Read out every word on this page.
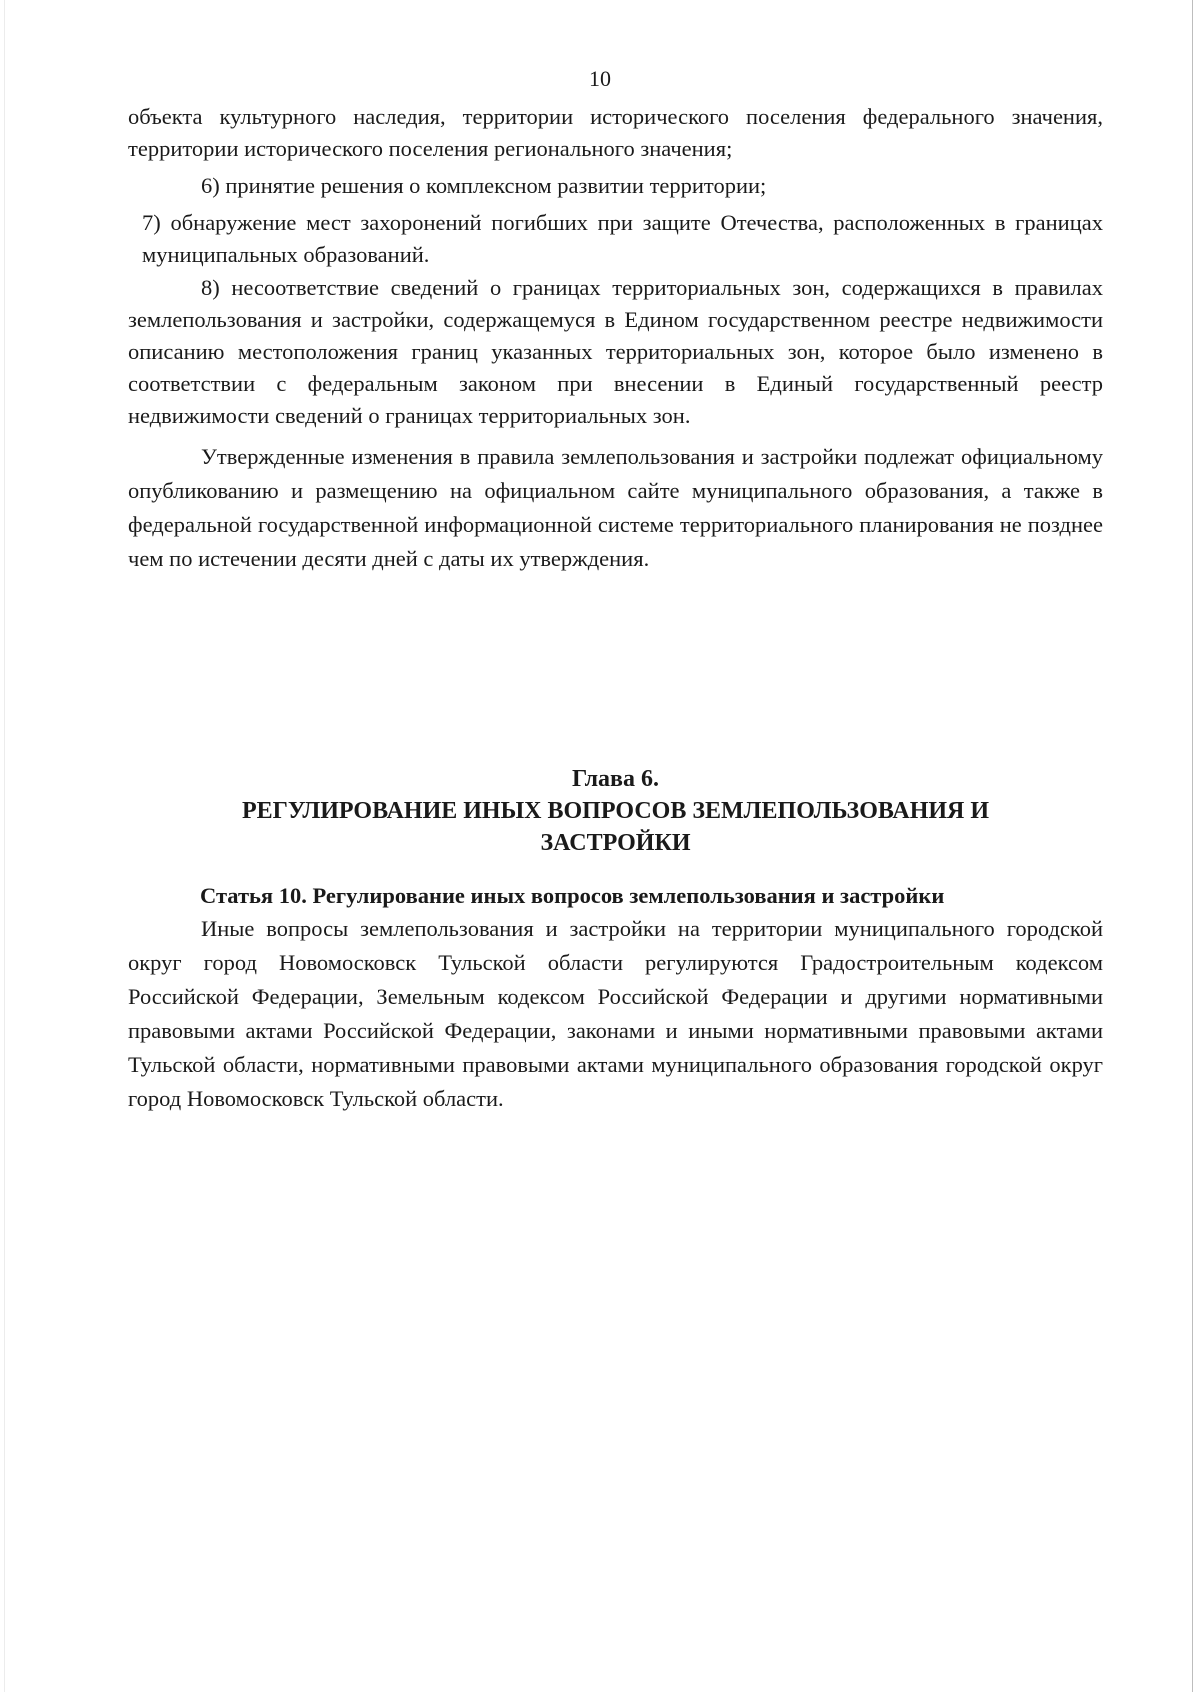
10

объекта культурного наследия, территории исторического поселения федерального значения, территории исторического поселения регионального значения;

6) принятие решения о комплексном развитии территории;

7) обнаружение мест захоронений погибших при защите Отечества, расположенных в границах муниципальных образований.

8) несоответствие сведений о границах территориальных зон, содержащихся в правилах землепользования и застройки, содержащемуся в Едином государственном реестре недвижимости описанию местоположения границ указанных территориальных зон, которое было изменено в соответствии с федеральным законом при внесении в Единый государственный реестр недвижимости сведений о границах территориальных зон.

Утвержденные изменения в правила землепользования и застройки подлежат официальному опубликованию и размещению на официальном сайте муниципального образования, а также в федеральной государственной информационной системе территориального планирования не позднее чем по истечении десяти дней с даты их утверждения.

Глава 6.
РЕГУЛИРОВАНИЕ ИНЫХ ВОПРОСОВ ЗЕМЛЕПОЛЬЗОВАНИЯ И ЗАСТРОЙКИ
Статья 10. Регулирование иных вопросов землепользования и застройки

Иные вопросы землепользования и застройки на территории муниципального городской округ город Новомосковск Тульской области регулируются Градостроительным кодексом Российской Федерации, Земельным кодексом Российской Федерации и другими нормативными правовыми актами Российской Федерации, законами и иными нормативными правовыми актами Тульской области, нормативными правовыми актами муниципального образования городской округ город Новомосковск Тульской области.
